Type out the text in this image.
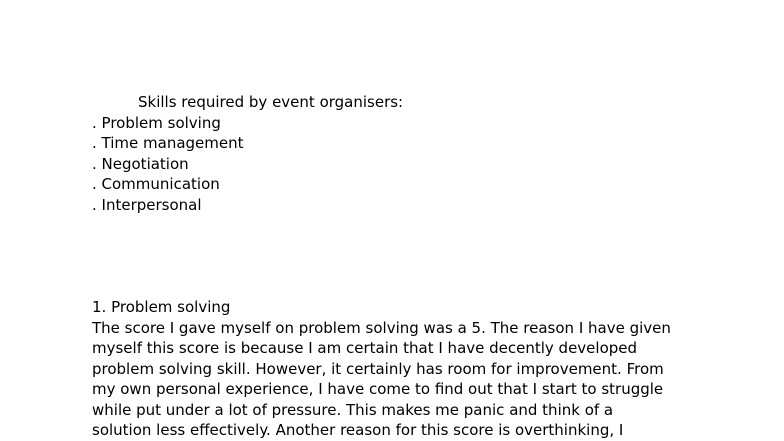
Skills required by event organisers:
. Problem solving
. Time management
. Negotiation
. Communication
. Interpersonal
1. Problem solving
The score I gave myself on problem solving was a 5. The reason I have given
myself this score is because I am certain that I have decently developed
problem solving skill. However, it certainly has room for improvement. From
my own personal experience, I have come to find out that I start to struggle
while put under a lot of pressure. This makes me panic and think of a
solution less effectively. Another reason for this score is overthinking, I
